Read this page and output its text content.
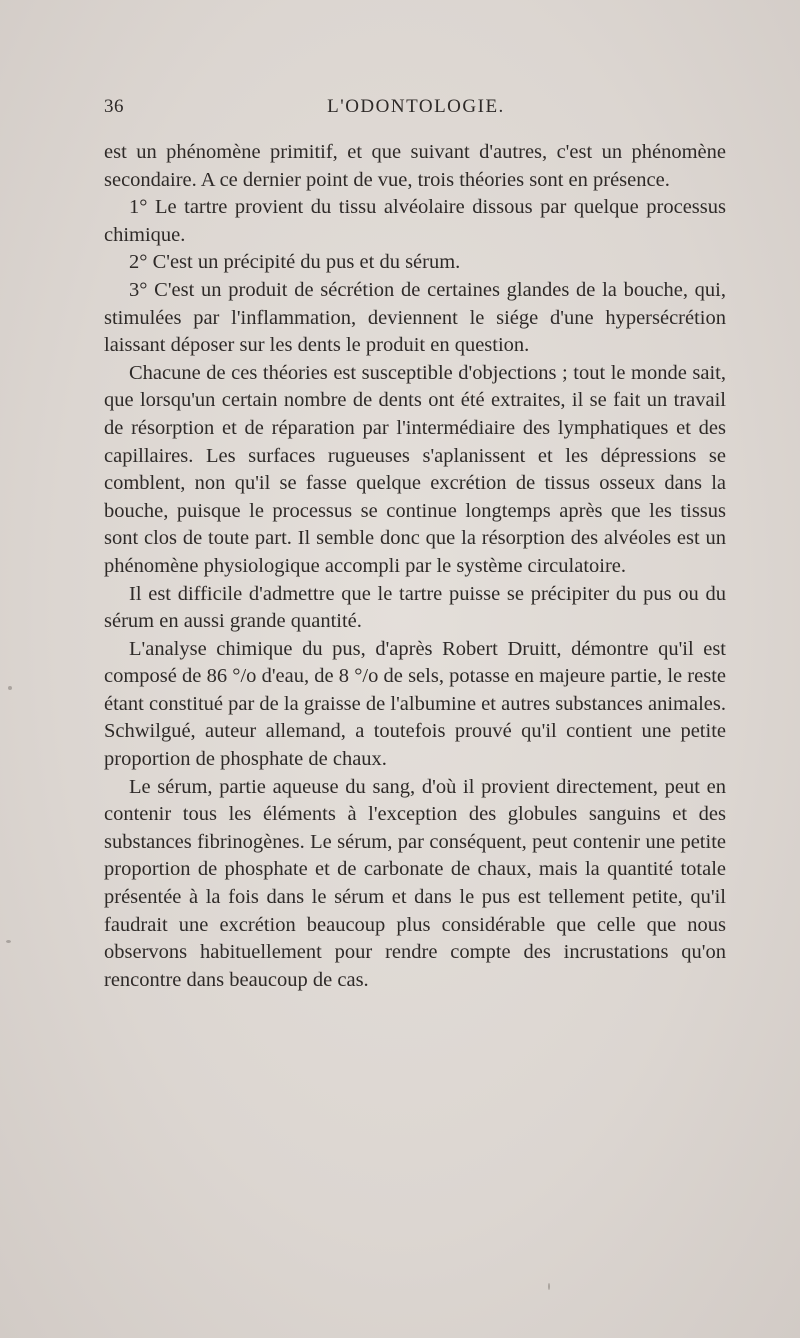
36	L'ODONTOLOGIE.

est un phénomène primitif, et que suivant d'autres, c'est un phénomène secondaire. A ce dernier point de vue, trois théories sont en présence.

1° Le tartre provient du tissu alvéolaire dissous par quelque processus chimique.

2° C'est un précipité du pus et du sérum.

3° C'est un produit de sécrétion de certaines glandes de la bouche, qui, stimulées par l'inflammation, deviennent le siége d'une hypersécrétion laissant déposer sur les dents le produit en question.

Chacune de ces théories est susceptible d'objections ; tout le monde sait, que lorsqu'un certain nombre de dents ont été extraites, il se fait un travail de résorption et de réparation par l'intermédiaire des lymphatiques et des capillaires. Les surfaces rugueuses s'aplanissent et les dépressions se comblent, non qu'il se fasse quelque excrétion de tissus osseux dans la bouche, puisque le processus se continue longtemps après que les tissus sont clos de toute part. Il semble donc que la résorption des alvéoles est un phénomène physiologique accompli par le système circulatoire.

Il est difficile d'admettre que le tartre puisse se précipiter du pus ou du sérum en aussi grande quantité.

L'analyse chimique du pus, d'après Robert Druitt, démontre qu'il est composé de 86 °/o d'eau, de 8 °/o de sels, potasse en majeure partie, le reste étant constitué par de la graisse de l'albumine et autres substances animales. Schwilgué, auteur allemand, a toutefois prouvé qu'il contient une petite proportion de phosphate de chaux.

Le sérum, partie aqueuse du sang, d'où il provient directement, peut en contenir tous les éléments à l'exception des globules sanguins et des substances fibrinogènes. Le sérum, par conséquent, peut contenir une petite proportion de phosphate et de carbonate de chaux, mais la quantité totale présentée à la fois dans le sérum et dans le pus est tellement petite, qu'il faudrait une excrétion beaucoup plus considérable que celle que nous observons habituellement pour rendre compte des incrustations qu'on rencontre dans beaucoup de cas.
